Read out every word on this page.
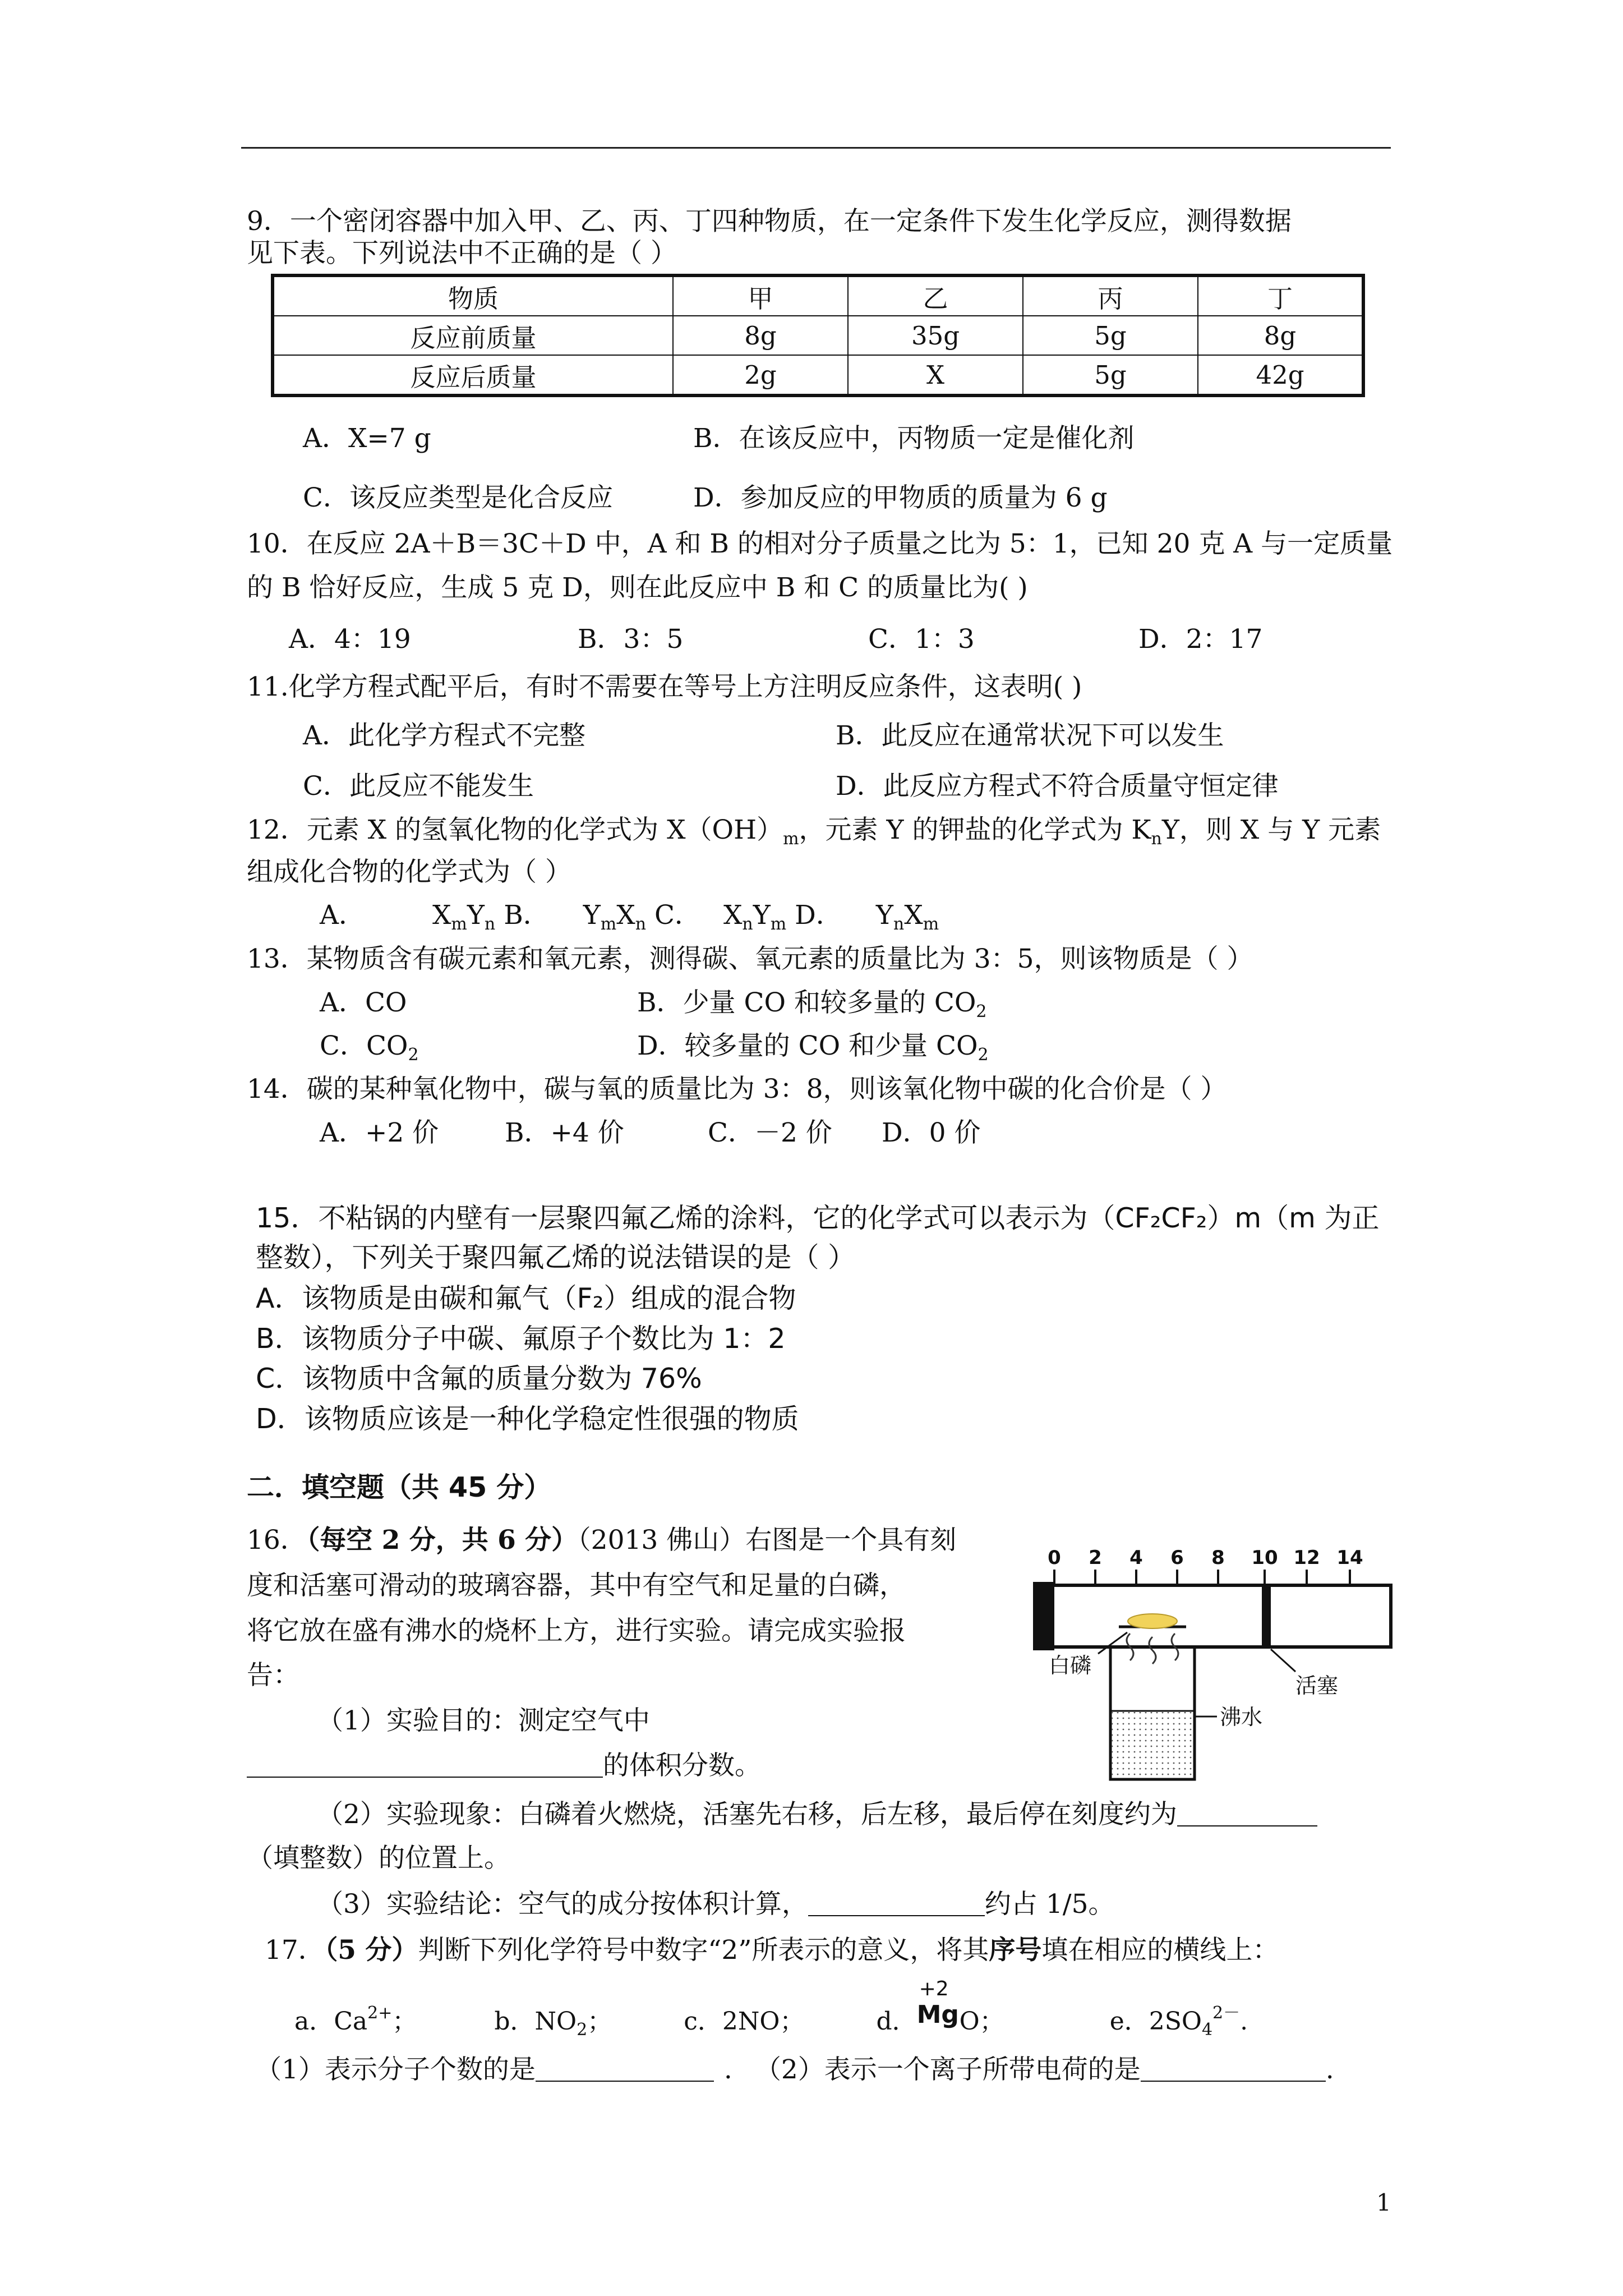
9．一个密闭容器中加入甲、乙、丙、丁四种物质，在一定条件下发生化学反应，测得数据
见下表。下列说法中不正确的是（ ）
物质	甲	乙	丙	丁
反应前质量	8g	35g	5g	8g
反应后质量	2g	X	5g	42g
A．X=7 g	B．在该反应中，丙物质一定是催化剂
C．该反应类型是化合反应	D．参加反应的甲物质的质量为 6 g
10．在反应 2A＋B＝3C＋D 中，A 和 B 的相对分子质量之比为 5：1，已知 20 克 A 与一定质量
的 B 恰好反应，生成 5 克 D，则在此反应中 B 和 C 的质量比为( )
A．4：19	B．3：5	C．1：3	D．2：17
11.化学方程式配平后，有时不需要在等号上方注明反应条件，这表明( )
A．此化学方程式不完整	B．此反应在通常状况下可以发生
C．此反应不能发生	D．此反应方程式不符合质量守恒定律
12．元素 X 的氢氧化物的化学式为 $X(OH)_m$，元素 Y 的钾盐的化学式为 $K_nY$，则 X 与 Y 元素
组成化合物的化学式为（ ）
A．	$X_mY_n$ B． $Y_mX_n$ C． $X_nY_m$ D． $Y_nX_m$
13．某物质含有碳元素和氧元素，测得碳、氧元素的质量比为 3：5，则该物质是（ ）
A．CO	B．少量 CO 和较多量的 $CO_2$
C．$CO_2$	D．较多量的 CO 和少量 $CO_2$
14．碳的某种氧化物中，碳与氧的质量比为 3：8，则该氧化物中碳的化合价是（ ）
A．+2 价	B．+4 价	C．－2 价 D．0 价
15．不粘锅的内壁有一层聚四氟乙烯的涂料，它的化学式可以表示为（CF₂CF₂）m（m 为正
整数），下列关于聚四氟乙烯的说法错误的是（ ）
A．该物质是由碳和氟气（F₂）组成的混合物
B．该物质分子中碳、氟原子个数比为 1：2
C．该物质中含氟的质量分数为 76%
D．该物质应该是一种化学稳定性很强的物质
二．填空题（共 45 分）
16．（每空 2 分，共 6 分）（2013 佛山）右图是一个具有刻
度和活塞可滑动的玻璃容器，其中有空气和足量的白磷，
将它放在盛有沸水的烧杯上方，进行实验。请完成实验报
告：
（1）实验目的：测定空气中
的体积分数。
（2）实验现象：白磷着火燃烧，活塞先右移，后左移，最后停在刻度约为
（填整数）的位置上。
（3）实验结论：空气的成分按体积计算，	约占 1/5。
0 2 4 6 8 10 12 14
白磷
活塞
沸水
17．（5 分）判断下列化学符号中数字“2”所表示的意义，将其序号填在相应的横线上：
a．$Ca^{2+}$；	b．$NO_2$；	c．2NO；	d．
+2
Mg O；	e．$2SO_4^{2-}$.
（1）表示分子个数的是	. （2）表示一个离子所带电荷的是	.
1
